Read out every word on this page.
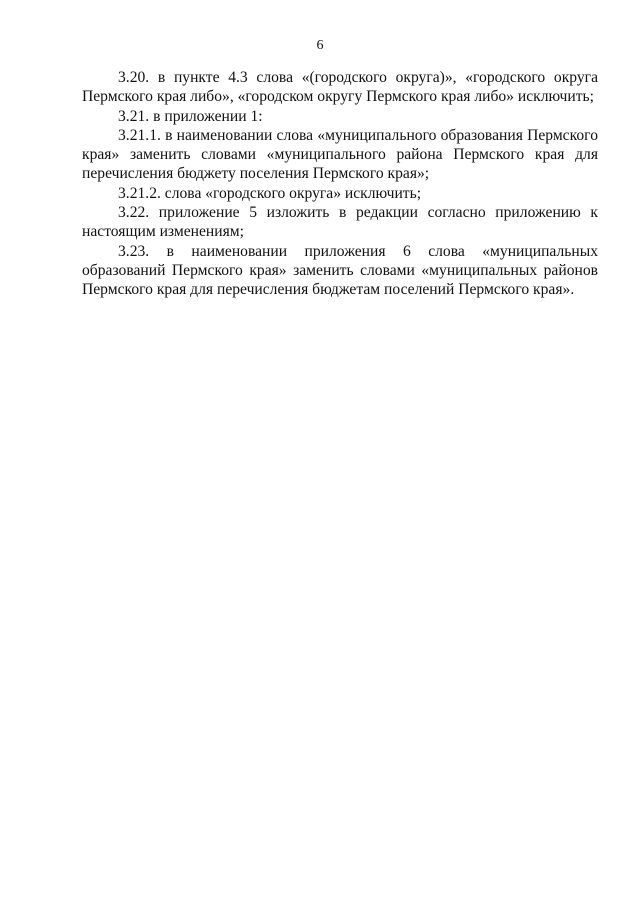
6

3.20. в пункте 4.3 слова «(городского округа)», «городского округа Пермского края либо», «городском округу Пермского края либо» исключить;

3.21. в приложении 1:

3.21.1. в наименовании слова «муниципального образования Пермского края» заменить словами «муниципального района Пермского края для перечисления бюджету поселения Пермского края»;

3.21.2. слова «городского округа» исключить;

3.22. приложение 5 изложить в редакции согласно приложению к настоящим изменениям;

3.23. в наименовании приложения 6 слова «муниципальных образований Пермского края» заменить словами «муниципальных районов Пермского края для перечисления бюджетам поселений Пермского края».
